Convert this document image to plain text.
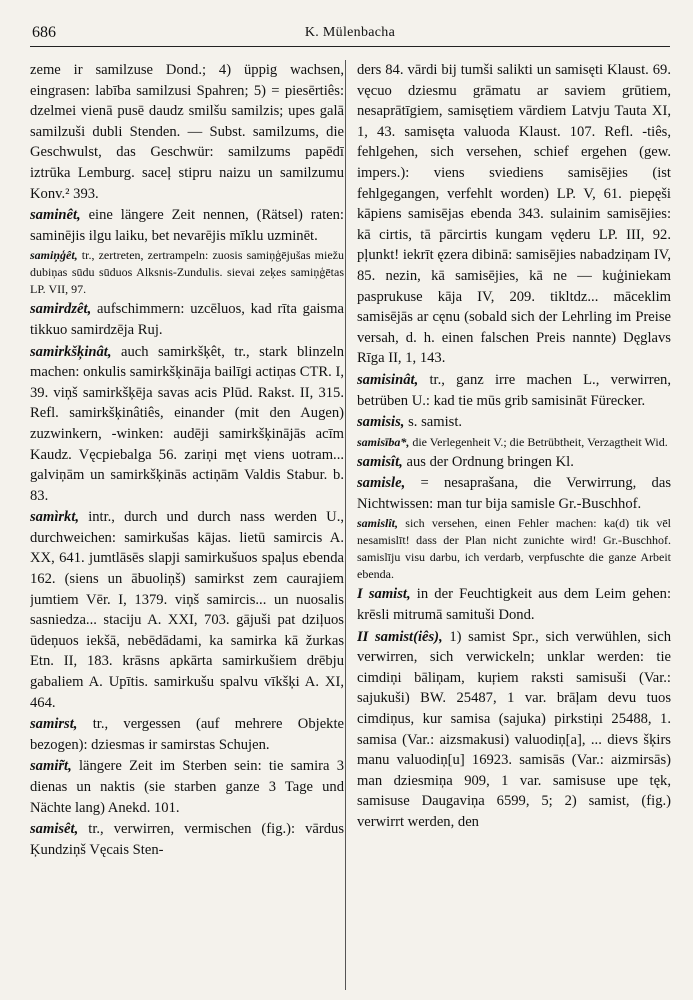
686	K. Mülenbacha

zeme ir samilzuse Dond.; 4) üppig wachsen, eingrasen: labība samilzusi Spahren; 5) = piesērtiês: dzelmei vienā pusē daudz smilšu samilzis; upes galā samilzuši dubli Stenden. — Subst. samilzums, die Geschwulst, das Geschwür: samilzums papēdī iztrūka Lemburg. saceļ stipru naizu un samilzumu Konv.² 393.

saminêt, eine längere Zeit nennen, (Rätsel) raten: saminējis ilgu laiku, bet nevarējis mīklu uzminēt.

samiņģêt, tr., zertreten, zertrampeln: zuosis samiņģējušas miežu dubiņas sūdu sūduos Alksnis-Zundulis. sievai zeķes samiņģētas LP. VII, 97.

samirdzêt, aufschimmern: uzcēluos, kad rīta gaisma tikkuo samirdzēja Ruj.

samirkšķinât, auch samirkšķêt, tr., stark blinzeln machen: onkulis samirkšķināja bailīgi actiņas CTR. I, 39. viņš samirkšķēja savas acis Plūd. Rakst. II, 315. Refl. samirkšķinâtiês, einander (mit den Augen) zuzwinkern, -winken: audēji samirkšķinājās acīm Kaudz. Vęcpiebalga 56. zariņi męt viens uotram... galviņām un samirkšķinās actiņām Valdis Stabur. b. 83.

samìrkt, intr., durch und durch nass werden U., durchweichen: samirkušas kājas. lietū samircis A. XX, 641. jumtlāsēs slapji samirkušuos spaļus ebenda 162. (siens un ābuoliņš) samirkst zem caurajiem jumtiem Vēr. I, 1379. viņš samircis... un nuosalis sasniedza... staciju A. XXI, 703. gājuši pat dziļuos ūdeņuos iekšā, nebēdādami, ka samirka kā žurkas Etn. II, 183. krāsns apkārta samirkušiem drēbju gabaliem A. Upītis. samirkušu spalvu vīkšķi A. XI, 464.

samirst, tr., vergessen (auf mehrere Objekte bezogen): dziesmas ir samirstas Schujen.

samir̃t, längere Zeit im Sterben sein: tie samira 3 dienas un naktis (sie starben ganze 3 Tage und Nächte lang) Anekd. 101.

samisêt, tr., verwirren, vermischen (fig.): vārdus Ķundziņš Vęcais Sten-

ders 84. vārdi bij tumši salikti un samisęti Klaust. 69. vęcuo dziesmu grāmatu ar saviem grūtiem, nesaprātīgiem, samisętiem vārdiem Latvju Tauta XI, 1, 43. samisęta valuoda Klaust. 107. Refl. -tiês, fehlgehen, sich versehen, schief ergehen (gew. impers.): viens sviediens samisējies (ist fehlgegangen, verfehlt worden) LP. V, 61. piepęši kāpiens samisējas ebenda 343. sulainim samisējies: kā cirtis, tā pārcirtis kungam vęderu LP. III, 92. pļunkt! iekrīt ęzera dibinā: samisējies nabadziņam IV, 85. nezin, kā samisējies, kā ne — kuģiniekam pasprukuse kāja IV, 209. tikltdz... māceklim samisējās ar cęnu (sobald sich der Lehrling im Preise versah, d. h. einen falschen Preis nannte) Dęglavs Rīga II, 1, 143.

samisinât, tr., ganz irre machen L., verwirren, betrüben U.: kad tie mūs grib samisināt Fürecker.

samisis, s. samist.

samisība*, die Verlegenheit V.; die Betrübtheit, Verzagtheit Wid.

samisît, aus der Ordnung bringen Kl.

samisle, = nesaprašana, die Verwirrung, das Nichtwissen: man tur bija samisle Gr.-Buschhof.

samislît, sich versehen, einen Fehler machen: ka(d) tik vēl nesamislīt! dass der Plan nicht zunichte wird! Gr.-Buschhof. samislīju visu darbu, ich verdarb, verpfuschte die ganze Arbeit ebenda.

I samist, in der Feuchtigkeit aus dem Leim gehen: krēsli mitrumā samituši Dond.

II samist(iês), 1) samist Spr., sich verwühlen, sich verwirren, sich verwickeln; unklar werden: tie cimdiņi bāliņam, kuŗiem raksti samisuši (Var.: sajukuši) BW. 25487, 1 var. brāļam devu tuos cimdiņus, kur samisa (sajuka) pirkstiņi 25488, 1. samisa (Var.: aizsmakusi) valuodiņ[a], ... dievs šķirs manu valuodiņ[u] 16923. samisās (Var.: aizmirsās) man dziesmiņa 909, 1 var. samisuse upe tęk, samisuse Daugaviņa 6599, 5; 2) samist, (fig.) verwirrt werden, den
